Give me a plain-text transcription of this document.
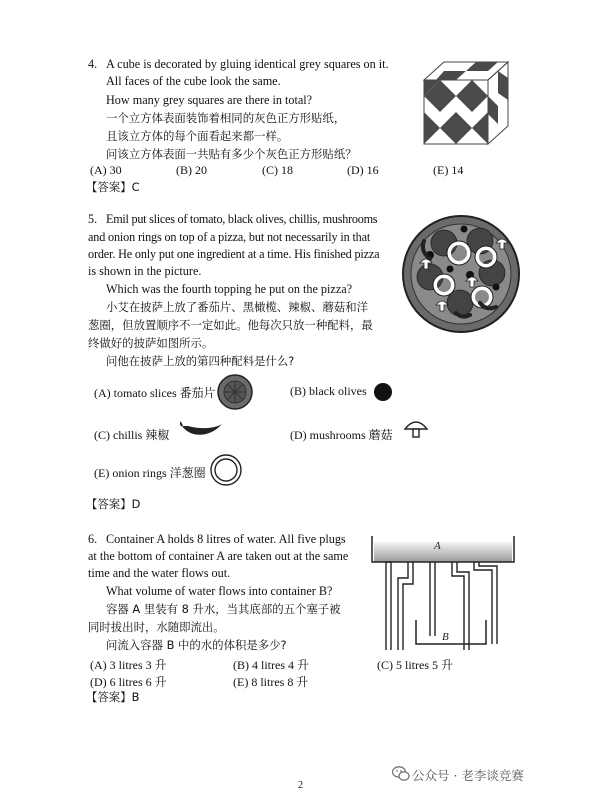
4. A cube is decorated by gluing identical grey squares on it.
All faces of the cube look the same.
How many grey squares are there in total?
一个立方体表面装饰着相同的灰色正方形贴纸，
且该立方体的每个面看起来都一样。
问该立方体表面一共贴有多少个灰色正方形贴纸？
(A) 30	(B) 20	(C) 18	(D) 16	(E) 14
【答案】C
5. Emil put slices of tomato, black olives, chillis, mushrooms
and onion rings on top of a pizza, but not necessarily in that
order. He only put one ingredient at a time. His finished pizza
is shown in the picture.
Which was the fourth topping he put on the pizza?
小艾在披萨上放了番茄片、黑橄榄、辣椒、蘑菇和洋
葱圈，但放置顺序不一定如此。他每次只放一种配料，最
终做好的披萨如图所示。
问他在披萨上放的第四种配料是什么?
(A) tomato slices 番茄片	(B) black olives
(C) chillis 辣椒	(D) mushrooms 蘑菇
(E) onion rings 洋葱圈
【答案】D
6. Container A holds 8 litres of water. All five plugs
at the bottom of container A are taken out at the same
time and the water flows out.
What volume of water flows into container B?
容器 A 里装有 8 升水，当其底部的五个塞子被
同时拔出时，水随即流出。
问流入容器 B 中的水的体积是多少?
A
B
(A) 3 litres 3 升	(B) 4 litres 4 升	(C) 5 litres 5 升
(D) 6 litres 6 升	(E) 8 litres 8 升
【答案】B
2
公众号 · 老李谈竞赛
